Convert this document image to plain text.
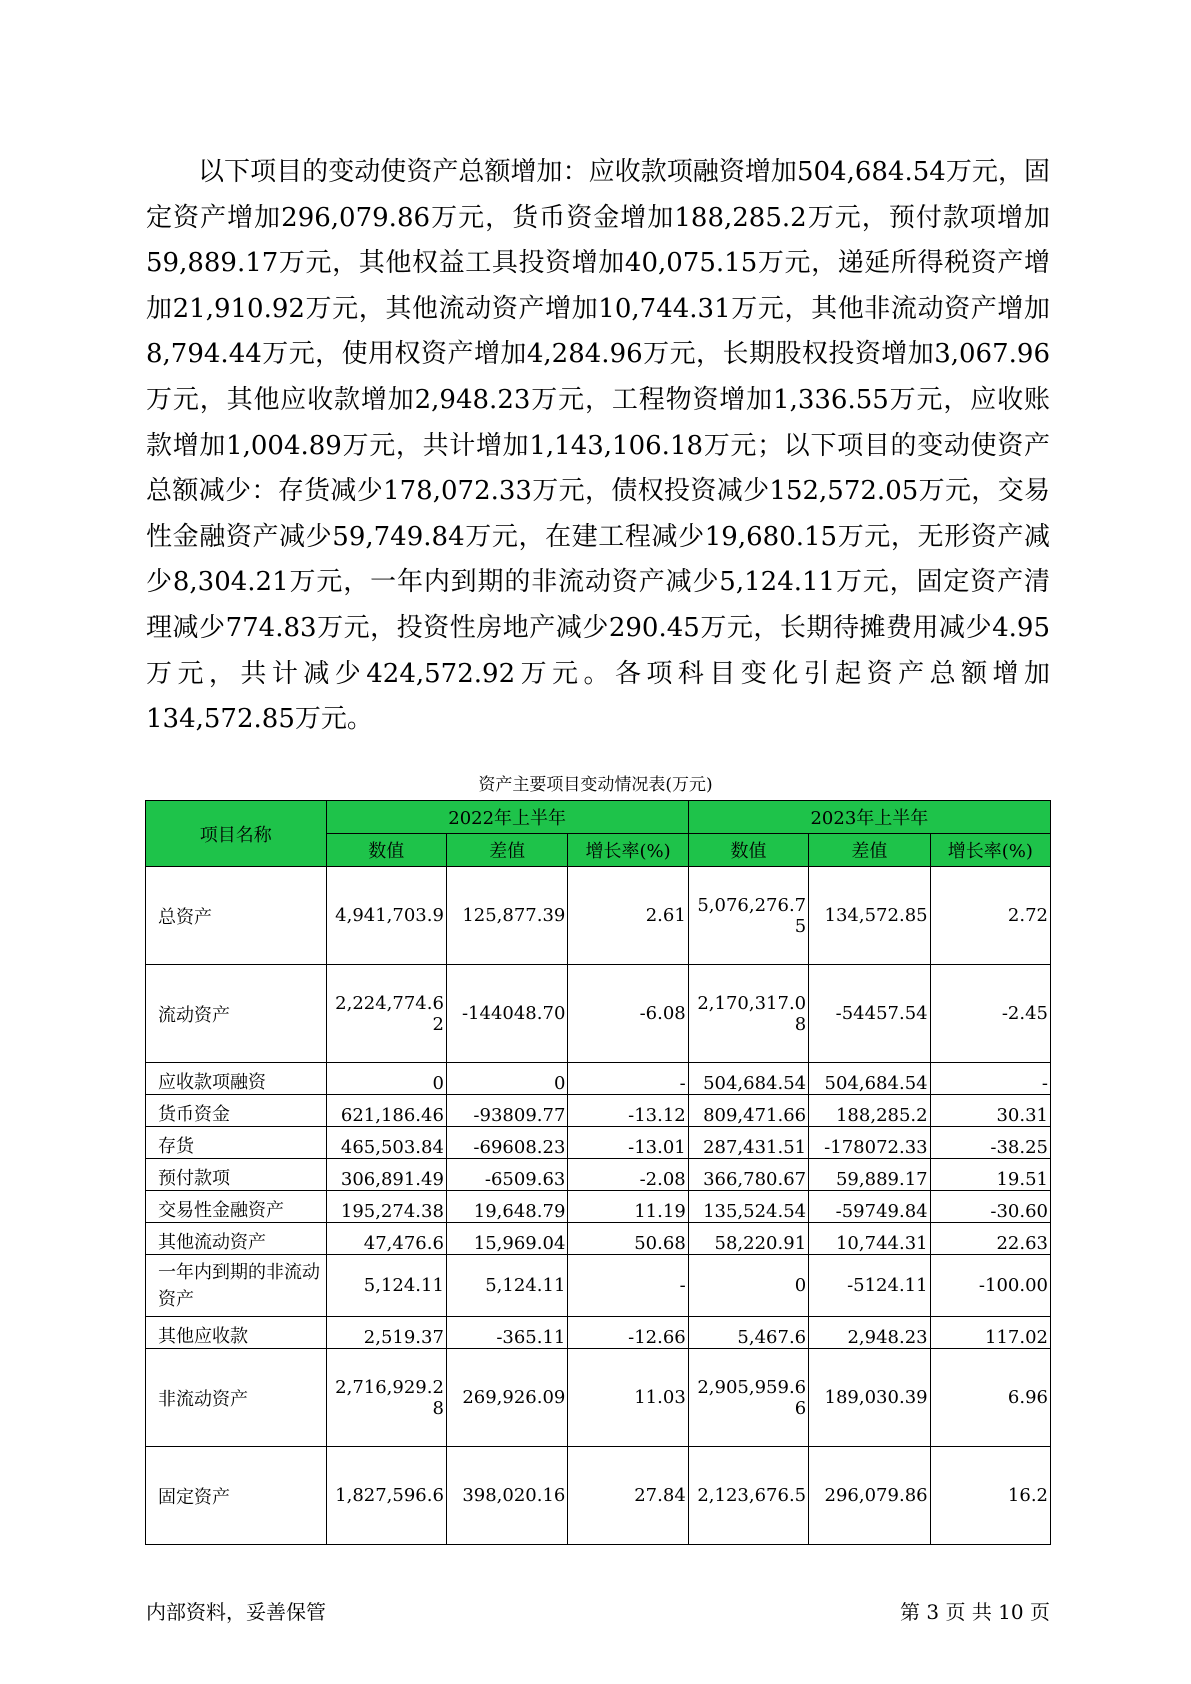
以下项目的变动使资产总额增加：应收款项融资增加504,684.54万元，固定资产增加296,079.86万元，货币资金增加188,285.2万元，预付款项增加59,889.17万元，其他权益工具投资增加40,075.15万元，递延所得税资产增加21,910.92万元，其他流动资产增加10,744.31万元，其他非流动资产增加8,794.44万元，使用权资产增加4,284.96万元，长期股权投资增加3,067.96万元，其他应收款增加2,948.23万元，工程物资增加1,336.55万元，应收账款增加1,004.89万元，共计增加1,143,106.18万元；以下项目的变动使资产总额减少：存货减少178,072.33万元，债权投资减少152,572.05万元，交易性金融资产减少59,749.84万元，在建工程减少19,680.15万元，无形资产减少8,304.21万元，一年内到期的非流动资产减少5,124.11万元，固定资产清理减少774.83万元，投资性房地产减少290.45万元，长期待摊费用减少4.95万元，共计减少424,572.92万元。各项科目变化引起资产总额增加134,572.85万元。

资产主要项目变动情况表(万元)
项目名称	2022年上半年			2023年上半年		
	数值	差值	增长率(%)	数值	差值	增长率(%)
总资产	4,941,703.9	125,877.39	2.61	5,076,276.75	134,572.85	2.72
流动资产	2,224,774.62	-144048.70	-6.08	2,170,317.08	-54457.54	-2.45
应收款项融资	0	0	-	504,684.54	504,684.54	-
货币资金	621,186.46	-93809.77	-13.12	809,471.66	188,285.2	30.31
存货	465,503.84	-69608.23	-13.01	287,431.51	-178072.33	-38.25
预付款项	306,891.49	-6509.63	-2.08	366,780.67	59,889.17	19.51
交易性金融资产	195,274.38	19,648.79	11.19	135,524.54	-59749.84	-30.60
其他流动资产	47,476.6	15,969.04	50.68	58,220.91	10,744.31	22.63
一年内到期的非流动资产	5,124.11	5,124.11	-	0	-5124.11	-100.00
其他应收款	2,519.37	-365.11	-12.66	5,467.6	2,948.23	117.02
非流动资产	2,716,929.28	269,926.09	11.03	2,905,959.66	189,030.39	6.96
固定资产	1,827,596.6	398,020.16	27.84	2,123,676.5	296,079.86	16.2
内部资料，妥善保管	第 3 页 共 10 页
